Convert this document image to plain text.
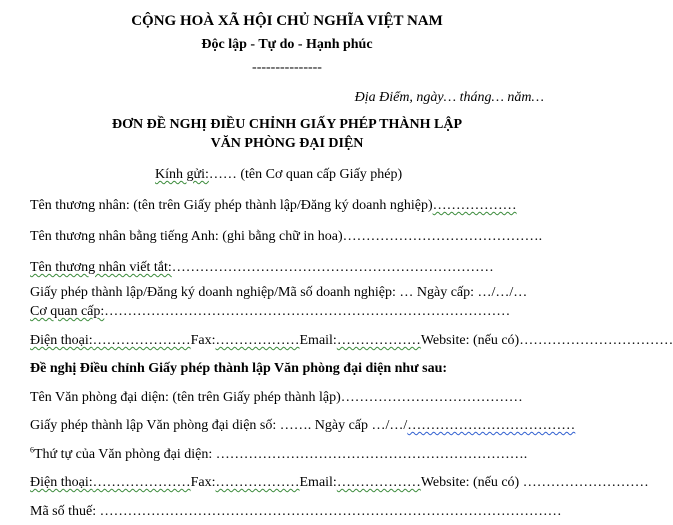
CỘNG HOÀ XÃ HỘI CHỦ NGHĨA VIỆT NAM
Độc lập - Tự do - Hạnh phúc
---------------
Địa Điểm, ngày… tháng… năm…
ĐƠN ĐỀ NGHỊ ĐIỀU CHỈNH GIẤY PHÉP THÀNH LẬP
VĂN PHÒNG ĐẠI DIỆN
Kính gửi:…… (tên Cơ quan cấp Giấy phép)
Tên thương nhân: (tên trên Giấy phép thành lập/Đăng ký doanh nghiệp)………………
Tên thương nhân bằng tiếng Anh: (ghi bằng chữ in hoa)…………………………………….
Tên thương nhân viết tắt:……………………………………………………………
Giấy phép thành lập/Đăng ký doanh nghiệp/Mã số doanh nghiệp: … Ngày cấp: …/…/…
Cơ quan cấp:……………………………………………………………………………
Điện thoại:…………………Fax:………………Email:………………Website: (nếu có)……………………………
Đề nghị Điều chỉnh Giấy phép thành lập Văn phòng đại diện như sau:
Tên Văn phòng đại diện: (tên trên Giấy phép thành lập)…………………………………
Giấy phép thành lập Văn phòng đại diện số: ……. Ngày cấp …/…/………………………………
$^6$Thứ tự của Văn phòng đại diện: ………………………………………………………….
Điện thoại:…………………Fax:………………Email:………………Website: (nếu có) ………………………
Mã số thuế: ………………………………………………………………………………………
